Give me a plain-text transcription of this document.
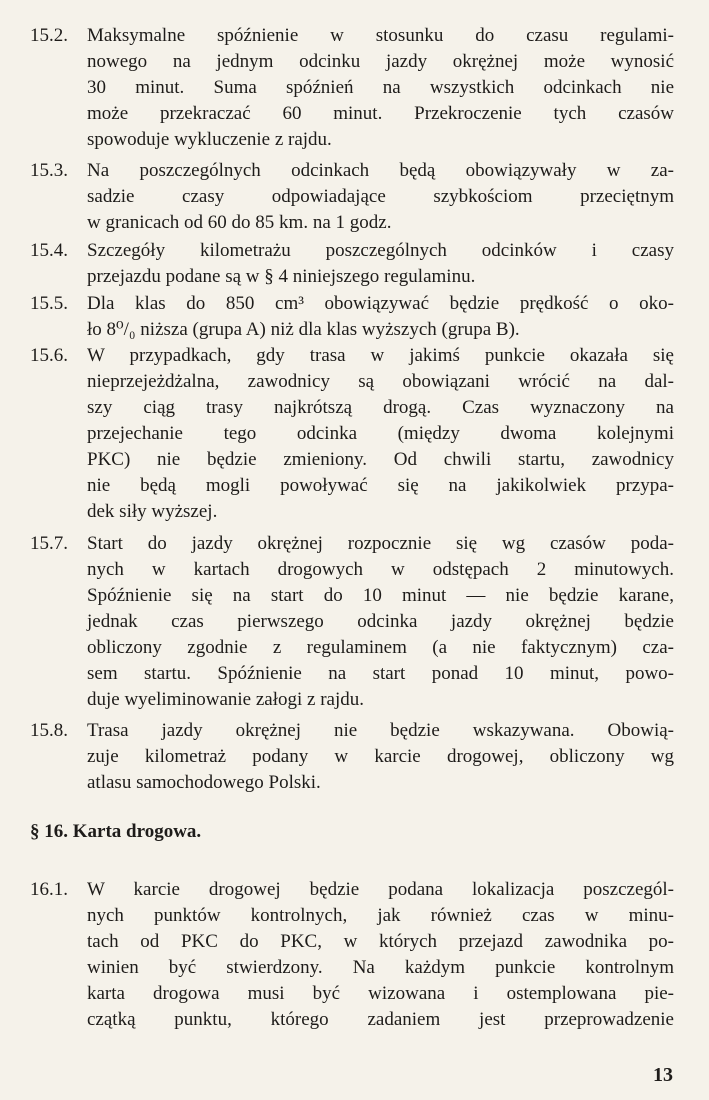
15.2. Maksymalne spóźnienie w stosunku do czasu regulami-
nowego na jednym odcinku jazdy okrężnej może wynosić
30 minut. Suma spóźnień na wszystkich odcinkach nie
może przekraczać 60 minut. Przekroczenie tych czasów
spowoduje wykluczenie z rajdu.
15.3. Na poszczególnych odcinkach będą obowiązywały w za-
sadzie czasy odpowiadające szybkościom przeciętnym
w granicach od 60 do 85 km. na 1 godz.
15.4. Szczegóły kilometrażu poszczególnych odcinków i czasy
przejazdu podane są w § 4 niniejszego regulaminu.
15.5. Dla klas do 850 cm³ obowiązywać będzie prędkość o oko-
ło 8⁰/₀ niższa (grupa A) niż dla klas wyższych (grupa B).
15.6. W przypadkach, gdy trasa w jakimś punkcie okazała się
nieprzejeżdżalna, zawodnicy są obowiązani wrócić na dal-
szy ciąg trasy najkrótszą drogą. Czas wyznaczony na
przejechanie tego odcinka (między dwoma kolejnymi
PKC) nie będzie zmieniony. Od chwili startu, zawodnicy
nie będą mogli powoływać się na jakikolwiek przypa-
dek siły wyższej.
15.7. Start do jazdy okrężnej rozpocznie się wg czasów poda-
nych w kartach drogowych w odstępach 2 minutowych.
Spóźnienie się na start do 10 minut — nie będzie karane,
jednak czas pierwszego odcinka jazdy okrężnej będzie
obliczony zgodnie z regulaminem (a nie faktycznym) cza-
sem startu. Spóźnienie na start ponad 10 minut, powo-
duje wyeliminowanie załogi z rajdu.
15.8. Trasa jazdy okrężnej nie będzie wskazywana. Obowią-
zuje kilometraż podany w karcie drogowej, obliczony wg
atlasu samochodowego Polski.
§ 16. Karta drogowa.
16.1. W karcie drogowej będzie podana lokalizacja poszczegól-
nych punktów kontrolnych, jak również czas w minu-
tach od PKC do PKC, w których przejazd zawodnika po-
winien być stwierdzony. Na każdym punkcie kontrolnym
karta drogowa musi być wizowana i ostemplowana pie-
czątką punktu, którego zadaniem jest przeprowadzenie
13
